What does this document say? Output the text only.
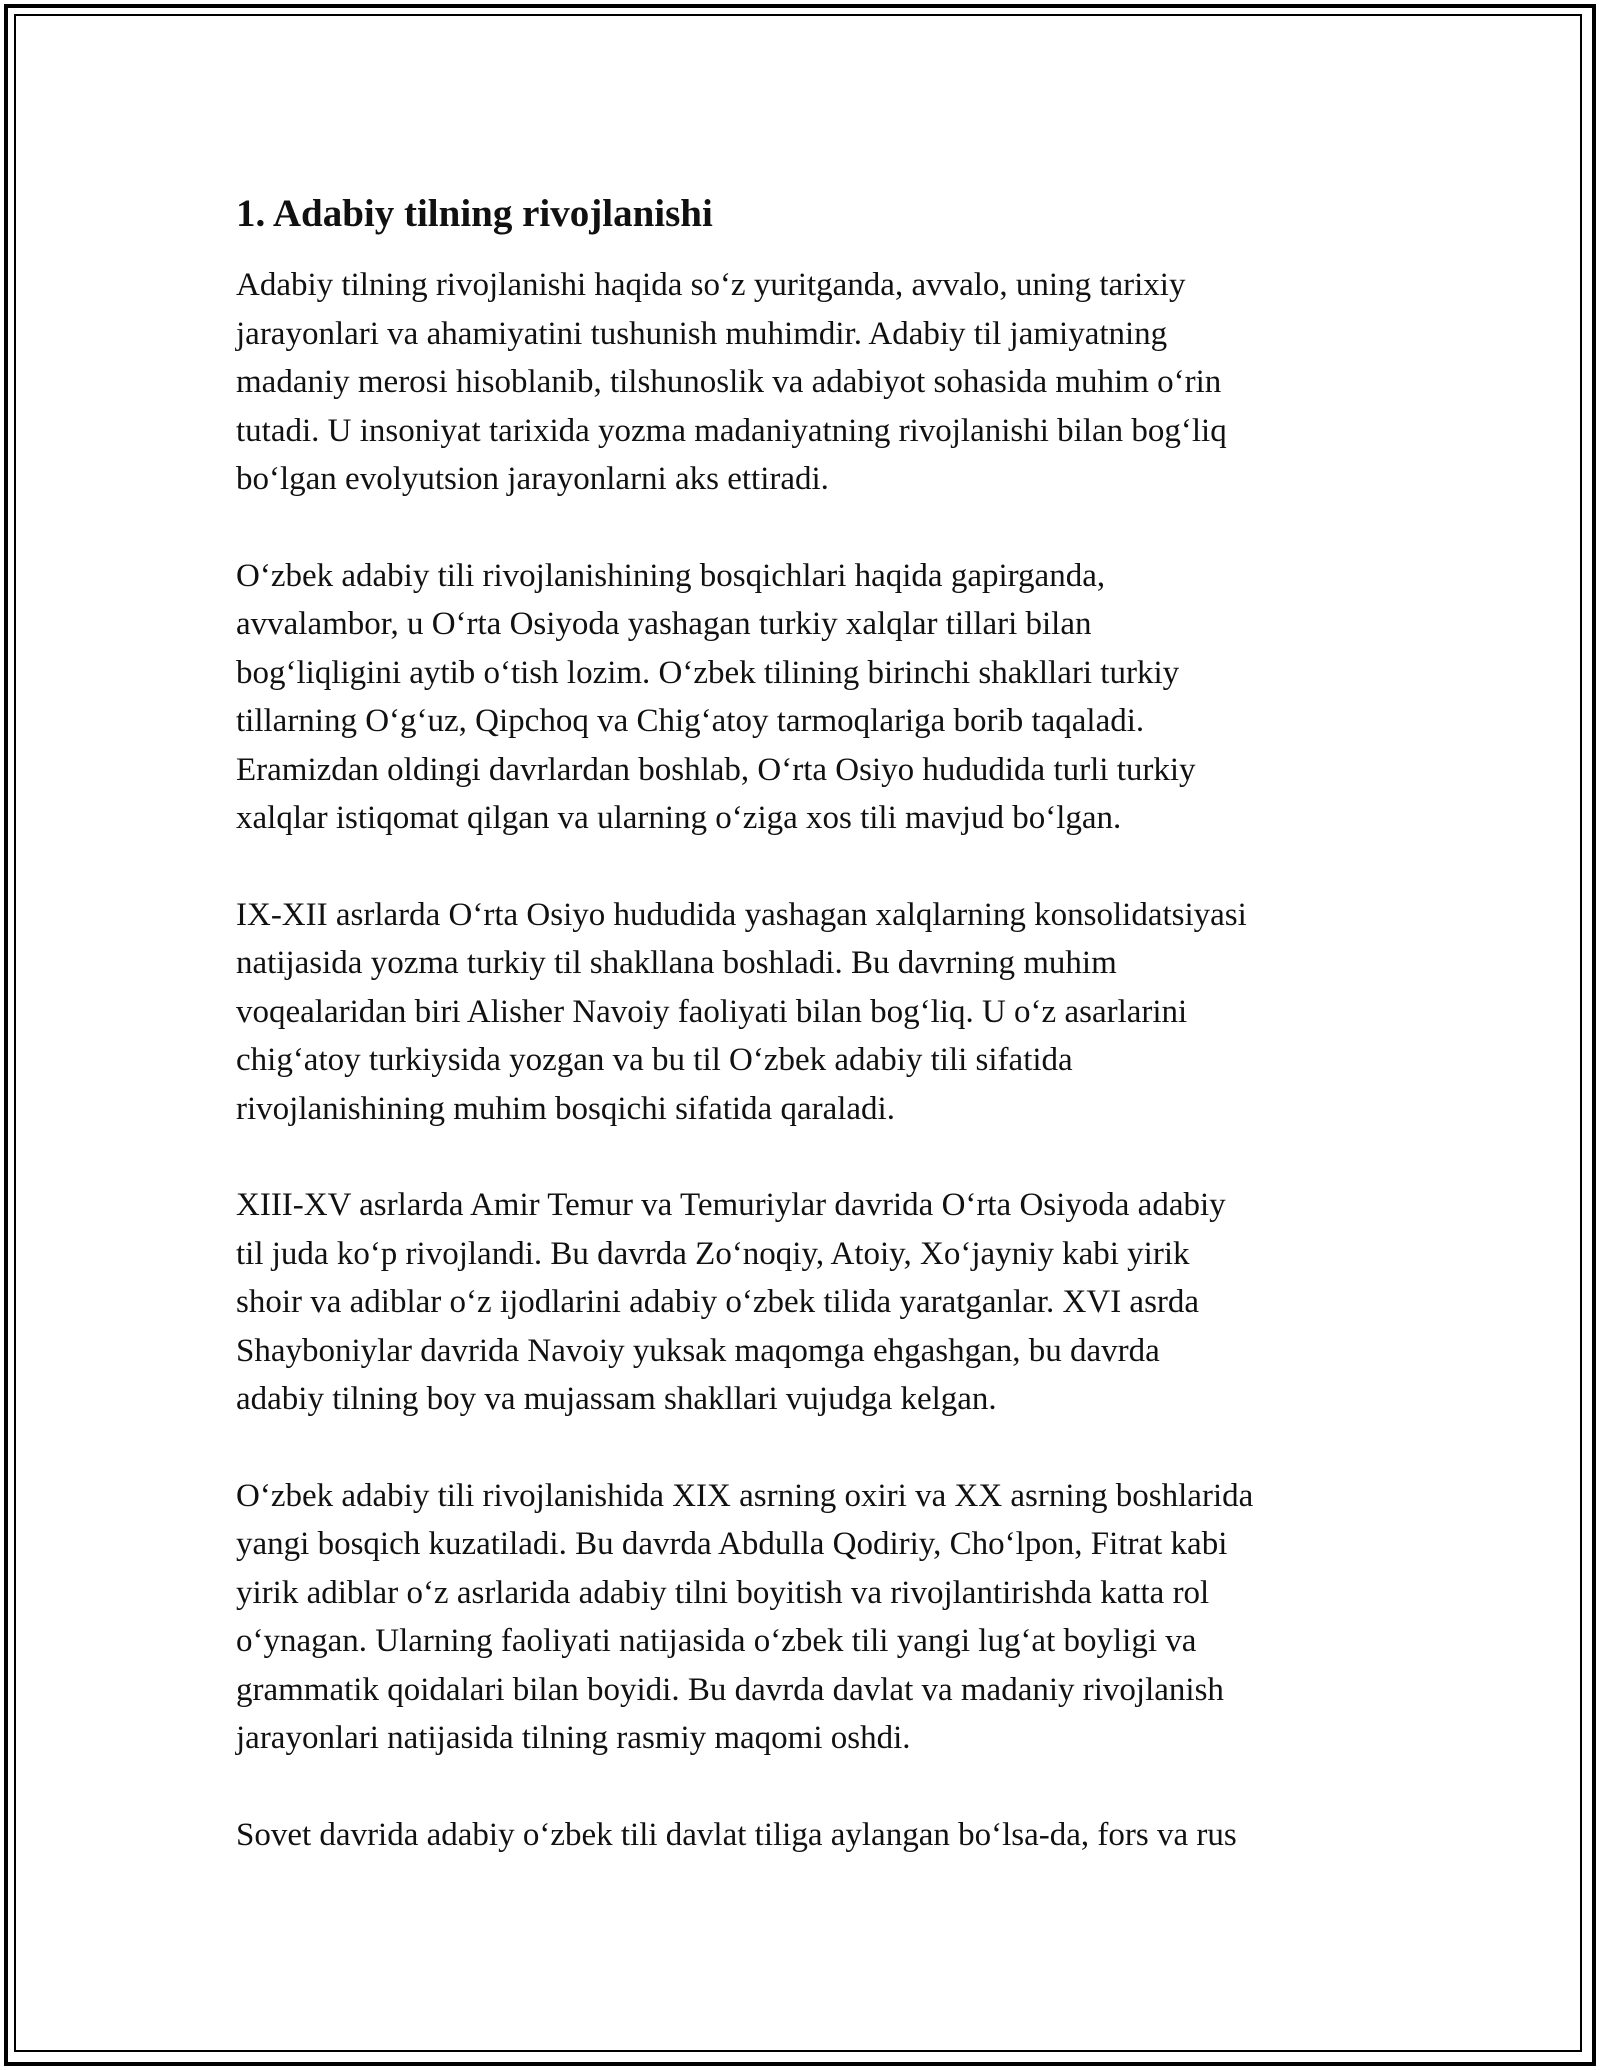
1. Adabiy tilning rivojlanishi

Adabiy tilning rivojlanishi haqida so‘z yuritganda, avvalo, uning tarixiy
jarayonlari va ahamiyatini tushunish muhimdir. Adabiy til jamiyatning
madaniy merosi hisoblanib, tilshunoslik va adabiyot sohasida muhim o‘rin
tutadi. U insoniyat tarixida yozma madaniyatning rivojlanishi bilan bog‘liq
bo‘lgan evolyutsion jarayonlarni aks ettiradi.

O‘zbek adabiy tili rivojlanishining bosqichlari haqida gapirganda,
avvalambor, u O‘rta Osiyoda yashagan turkiy xalqlar tillari bilan
bog‘liqligini aytib o‘tish lozim. O‘zbek tilining birinchi shakllari turkiy
tillarning O‘g‘uz, Qipchoq va Chig‘atoy tarmoqlariga borib taqaladi.
Eramizdan oldingi davrlardan boshlab, O‘rta Osiyo hududida turli turkiy
xalqlar istiqomat qilgan va ularning o‘ziga xos tili mavjud bo‘lgan.

IX-XII asrlarda O‘rta Osiyo hududida yashagan xalqlarning konsolidatsiyasi
natijasida yozma turkiy til shakllana boshladi. Bu davrning muhim
voqealaridan biri Alisher Navoiy faoliyati bilan bog‘liq. U o‘z asarlarini
chig‘atoy turkiysida yozgan va bu til O‘zbek adabiy tili sifatida
rivojlanishining muhim bosqichi sifatida qaraladi.

XIII-XV asrlarda Amir Temur va Temuriylar davrida O‘rta Osiyoda adabiy
til juda ko‘p rivojlandi. Bu davrda Zo‘noqiy, Atoiy, Xo‘jayniy kabi yirik
shoir va adiblar o‘z ijodlarini adabiy o‘zbek tilida yaratganlar. XVI asrda
Shayboniylar davrida Navoiy yuksak maqomga ehgashgan, bu davrda
adabiy tilning boy va mujassam shakllari vujudga kelgan.

O‘zbek adabiy tili rivojlanishida XIX asrning oxiri va XX asrning boshlarida
yangi bosqich kuzatiladi. Bu davrda Abdulla Qodiriy, Cho‘lpon, Fitrat kabi
yirik adiblar o‘z asrlarida adabiy tilni boyitish va rivojlantirishda katta rol
o‘ynagan. Ularning faoliyati natijasida o‘zbek tili yangi lug‘at boyligi va
grammatik qoidalari bilan boyidi. Bu davrda davlat va madaniy rivojlanish
jarayonlari natijasida tilning rasmiy maqomi oshdi.

Sovet davrida adabiy o‘zbek tili davlat tiliga aylangan bo‘lsa-da, fors va rus
